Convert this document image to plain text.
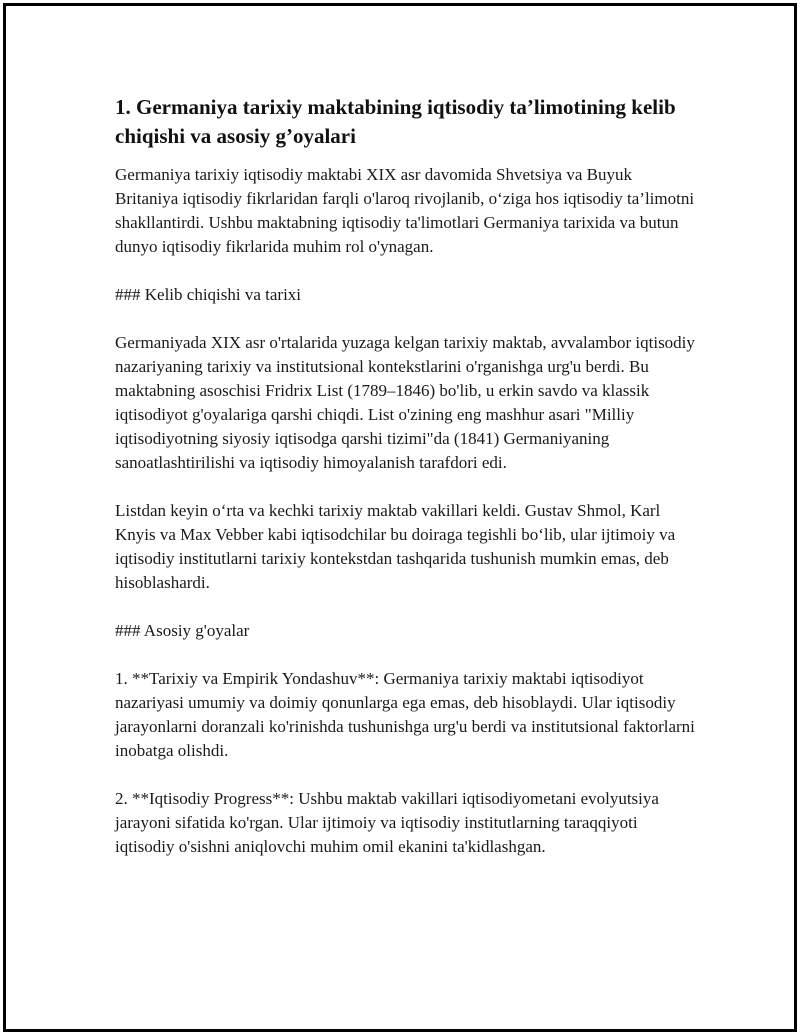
1. Germaniya tarixiy maktabining iqtisodiy ta’limotining kelib chiqishi va asosiy g’oyalari
Germaniya tarixiy iqtisodiy maktabi XIX asr davomida Shvetsiya va Buyuk Britaniya iqtisodiy fikrlaridan farqli o'laroq rivojlanib, o‘ziga hos iqtisodiy ta’limotni shakllantirdi. Ushbu maktabning iqtisodiy ta'limotlari Germaniya tarixida va butun dunyo iqtisodiy fikrlarida muhim rol o'ynagan.
### Kelib chiqishi va tarixi
Germaniyada XIX asr o'rtalarida yuzaga kelgan tarixiy maktab, avvalambor iqtisodiy nazariyaning tarixiy va institutsional kontekstlarini o'rganishga urg'u berdi. Bu maktabning asoschisi Fridrix List (1789–1846) bo'lib, u erkin savdo va klassik iqtisodiyot g'oyalariga qarshi chiqdi. List o'zining eng mashhur asari "Milliy iqtisodiyotning siyosiy iqtisodga qarshi tizimi"da (1841) Germaniyaning sanoatlashtirilishi va iqtisodiy himoyalanish tarafdori edi.
Listdan keyin o‘rta va kechki tarixiy maktab vakillari keldi. Gustav Shmol, Karl Knyis va Max Vebber kabi iqtisodchilar bu doiraga tegishli bo‘lib, ular ijtimoiy va iqtisodiy institutlarni tarixiy kontekstdan tashqarida tushunish mumkin emas, deb hisoblashardi.
### Asosiy g'oyalar
1. **Tarixiy va Empirik Yondashuv**: Germaniya tarixiy maktabi iqtisodiyot nazariyasi umumiy va doimiy qonunlarga ega emas, deb hisoblaydi. Ular iqtisodiy jarayonlarni doranzali ko'rinishda tushunishga urg'u berdi va institutsional faktorlarni inobatga olishdi.
2. **Iqtisodiy Progress**: Ushbu maktab vakillari iqtisodiyometani evolyutsiya jarayoni sifatida ko'rgan. Ular ijtimoiy va iqtisodiy institutlarning taraqqiyoti iqtisodiy o'sishni aniqlovchi muhim omil ekanini ta'kidlashgan.
